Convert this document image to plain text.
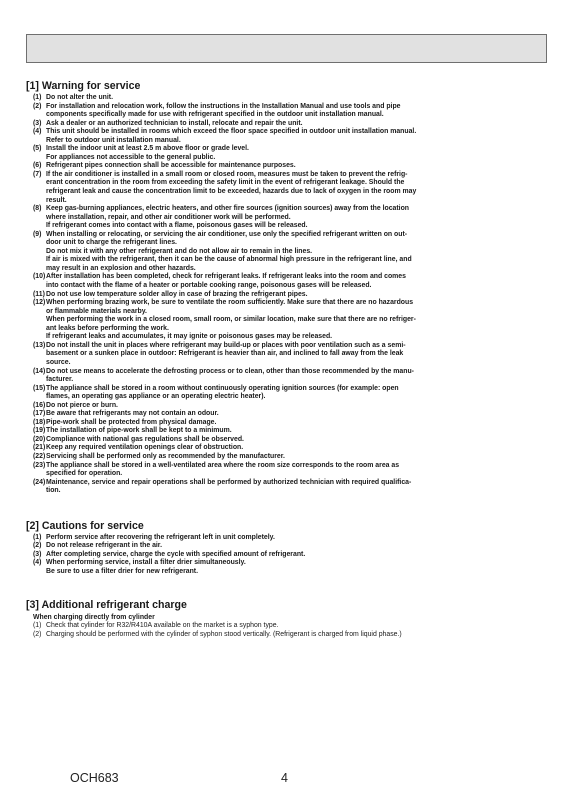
[1] Warning for service
(1) Do not alter the unit.
(2) For installation and relocation work, follow the instructions in the Installation Manual and use tools and pipe
components specifically made for use with refrigerant specified in the outdoor unit installation manual.
(3) Ask a dealer or an authorized technician to install, relocate and repair the unit.
(4) This unit should be installed in rooms which exceed the floor space specified in outdoor unit installation manual.
Refer to outdoor unit installation manual.
(5) Install the indoor unit at least 2.5 m above floor or grade level.
For appliances not accessible to the general public.
(6) Refrigerant pipes connection shall be accessible for maintenance purposes.
(7) If the air conditioner is installed in a small room or closed room, measures must be taken to prevent the refrig-
erant concentration in the room from exceeding the safety limit in the event of refrigerant leakage. Should the
refrigerant leak and cause the concentration limit to be exceeded, hazards due to lack of oxygen in the room may
result.
(8) Keep gas-burning appliances, electric heaters, and other fire sources (ignition sources) away from the location
where installation, repair, and other air conditioner work will be performed.
If refrigerant comes into contact with a flame, poisonous gases will be released.
(9) When installing or relocating, or servicing the air conditioner, use only the specified refrigerant written on out-
door unit to charge the refrigerant lines.
Do not mix it with any other refrigerant and do not allow air to remain in the lines.
If air is mixed with the refrigerant, then it can be the cause of abnormal high pressure in the refrigerant line, and
may result in an explosion and other hazards.
(10) After installation has been completed, check for refrigerant leaks. If refrigerant leaks into the room and comes
into contact with the flame of a heater or portable cooking range, poisonous gases will be released.
(11) Do not use low temperature solder alloy in case of brazing the refrigerant pipes.
(12) When performing brazing work, be sure to ventilate the room sufficiently. Make sure that there are no hazardous
or flammable materials nearby.
When performing the work in a closed room, small room, or similar location, make sure that there are no refriger-
ant leaks before performing the work.
If refrigerant leaks and accumulates, it may ignite or poisonous gases may be released.
(13) Do not install the unit in places where refrigerant may build-up or places with poor ventilation such as a semi-
basement or a sunken place in outdoor: Refrigerant is heavier than air, and inclined to fall away from the leak
source.
(14) Do not use means to accelerate the defrosting process or to clean, other than those recommended by the manu-
facturer.
(15) The appliance shall be stored in a room without continuously operating ignition sources (for example: open
flames, an operating gas appliance or an operating electric heater).
(16) Do not pierce or burn.
(17) Be aware that refrigerants may not contain an odour.
(18) Pipe-work shall be protected from physical damage.
(19) The installation of pipe-work shall be kept to a minimum.
(20) Compliance with national gas regulations shall be observed.
(21) Keep any required ventilation openings clear of obstruction.
(22) Servicing shall be performed only as recommended by the manufacturer.
(23) The appliance shall be stored in a well-ventilated area where the room size corresponds to the room area as
specified for operation.
(24) Maintenance, service and repair operations shall be performed by authorized technician with required qualifica-
tion.
[2] Cautions for service
(1) Perform service after recovering the refrigerant left in unit completely.
(2) Do not release refrigerant in the air.
(3) After completing service, charge the cycle with specified amount of refrigerant.
(4) When performing service, install a filter drier simultaneously.
Be sure to use a filter drier for new refrigerant.
[3] Additional refrigerant charge
When charging directly from cylinder
(1) Check that cylinder for R32/R410A available on the market is a syphon type.
(2) Charging should be performed with the cylinder of syphon stood vertically. (Refrigerant is charged from liquid phase.)
OCH683	4
